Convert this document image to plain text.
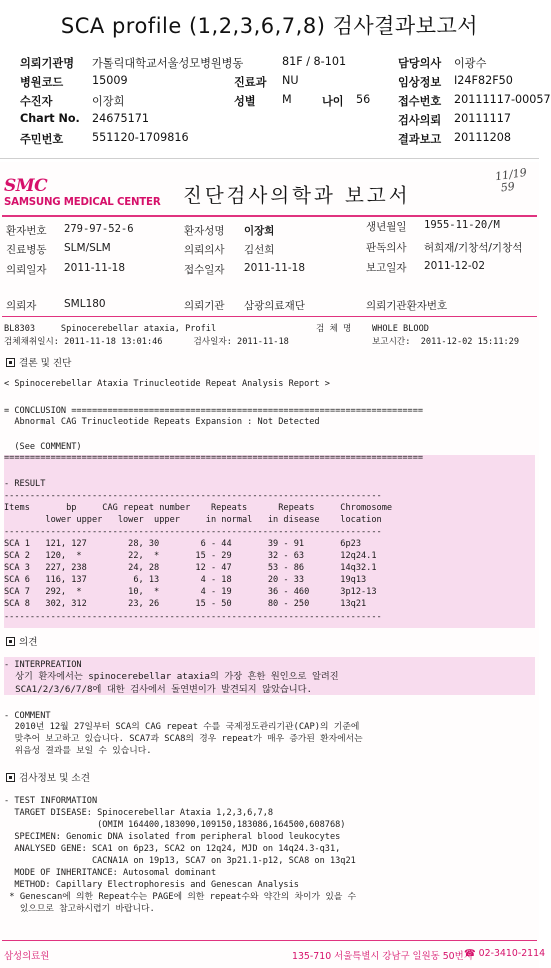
SCA profile (1,2,3,6,7,8) 검사결과보고서
의뢰기관명 가톨릭대학교서울성모병원병동	81F / 8-101	담당의사 이광수
병원코드	15009	진료과 NU	임상정보 I24F82F50
수진자	이장희	성별 M	나이 56 접수번호 20111117-00057
Chart No. 24675171	검사의뢰 20111117
주민번호	551120-1709816	결과보고 20111208
SMC
SAMSUNG MEDICAL CENTER 진단검사의학과 보고서
11/19
59
환자번호 279-97-52-6	환자성명 이장희	생년월일 1955-11-20/M
진료병동 SLM/SLM	의뢰의사 김선희	판독의사 허희재/기창석/기창석
의뢰일자 2011-11-18	접수일자 2011-11-18	보고일자 2011-12-02
의뢰자	SML180	의뢰기관 삼광의료재단	의뢰기관환자번호
BL8303     Spinocerebellar ataxia, Profil	검 체 명 WHOLE BLOOD
검체채취일시: 2011-11-18 13:01:46      검사일자: 2011-11-18	보고시간:  2011-12-02 15:11:29
결론 및 진단
< Spinocerebellar Ataxia Trinucleotide Repeat Analysis Report >
= CONCLUSION ====================================================================
Abnormal CAG Trinucleotide Repeats Expansion : Not Detected
(See COMMENT)
=================================================================================
- RESULT
-------------------------------------------------------------------------
Items       bp     CAG repeat number    Repeats      Repeats     Chromosome
lower upper   lower  upper     in normal   in disease    location
-------------------------------------------------------------------------
SCA 1   121, 127        28, 30        6 - 44       39 - 91       6p23
SCA 2   120,  *         22,  *       15 - 29       32 - 63       12q24.1
SCA 3   227, 238        24, 28       12 - 47       53 - 86       14q32.1
SCA 6   116, 137         6, 13        4 - 18       20 - 33       19q13
SCA 7   292,  *         10,  *        4 - 19       36 - 460      3p12-13
SCA 8   302, 312        23, 26       15 - 50       80 - 250      13q21
-------------------------------------------------------------------------
의견
- INTERPREATION
상기 환자에서는 spinocerebellar ataxia의 가장 흔한 원인으로 알려진
SCA1/2/3/6/7/8에 대한 검사에서 돌연변이가 발견되지 않았습니다.
- COMMENT
2010년 12월 27일부터 SCA의 CAG repeat 수를 국제정도관리기관(CAP)의 기준에
맞추어 보고하고 있습니다. SCA7과 SCA8의 경우 repeat가 매우 증가된 환자에서는
위음성 결과를 보일 수 있습니다.
검사정보 및 소견
- TEST INFORMATION
TARGET DISEASE: Spinocerebellar Ataxia 1,2,3,6,7,8
(OMIM 164400,183090,109150,183086,164500,608768)
SPECIMEN: Genomic DNA isolated from peripheral blood leukocytes
ANALYSED GENE: SCA1 on 6p23, SCA2 on 12q24, MJD on 14q24.3-q31,
CACNA1A on 19p13, SCA7 on 3p21.1-p12, SCA8 on 13q21
MODE OF INHERITANCE: Autosomal dominant
METHOD: Capillary Electrophoresis and Genescan Analysis
* Genescan에 의한 Repeat수는 PAGE에 의한 repeat수와 약간의 차이가 있을 수
있으므로 참고하시렵기 바랍니다.
삼성의료원	135-710 서울특별시 강남구 일원동 50번지
☎ 02-3410-2114
